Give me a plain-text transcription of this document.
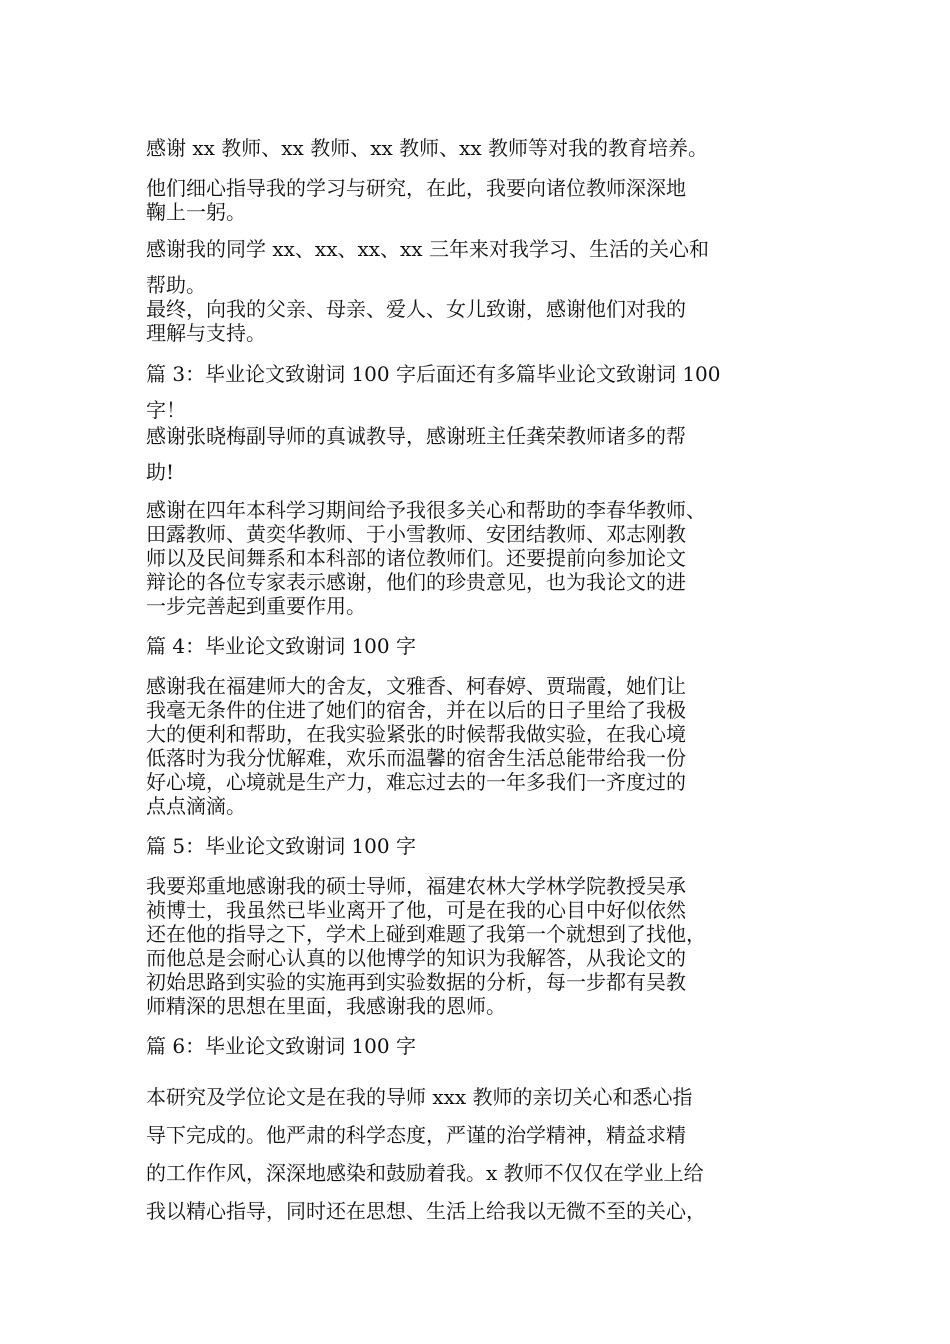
感谢 xx 教师、xx 教师、xx 教师、xx 教师等对我的教育培养。

他们细心指导我的学习与研究，在此，我要向诸位教师深深地
鞠上一躬。

感谢我的同学 xx、xx、xx、xx 三年来对我学习、生活的关心和
帮助。

最终，向我的父亲、母亲、爱人、女儿致谢，感谢他们对我的
理解与支持。

篇 3：毕业论文致谢词 100 字后面还有多篇毕业论文致谢词 100
字！

感谢张晓梅副导师的真诚教导，感谢班主任龚荣教师诸多的帮
助!

感谢在四年本科学习期间给予我很多关心和帮助的李春华教师、
田露教师、黄奕华教师、于小雪教师、安团结教师、邓志刚教
师以及民间舞系和本科部的诸位教师们。还要提前向参加论文
辩论的各位专家表示感谢，他们的珍贵意见，也为我论文的进
一步完善起到重要作用。

篇 4：毕业论文致谢词 100 字

感谢我在福建师大的舍友，文雅香、柯春婷、贾瑞霞，她们让
我毫无条件的住进了她们的宿舍，并在以后的日子里给了我极
大的便利和帮助，在我实验紧张的时候帮我做实验，在我心境
低落时为我分忧解难，欢乐而温馨的宿舍生活总能带给我一份
好心境，心境就是生产力，难忘过去的一年多我们一齐度过的
点点滴滴。

篇 5：毕业论文致谢词 100 字

我要郑重地感谢我的硕士导师，福建农林大学林学院教授吴承
祯博士，我虽然已毕业离开了他，可是在我的心目中好似依然
还在他的指导之下，学术上碰到难题了我第一个就想到了找他，
而他总是会耐心认真的以他博学的知识为我解答，从我论文的
初始思路到实验的实施再到实验数据的分析，每一步都有吴教
师精深的思想在里面，我感谢我的恩师。

篇 6：毕业论文致谢词 100 字

本研究及学位论文是在我的导师 xxx 教师的亲切关心和悉心指
导下完成的。他严肃的科学态度，严谨的治学精神，精益求精
的工作作风，深深地感染和鼓励着我。x 教师不仅仅在学业上给
我以精心指导，同时还在思想、生活上给我以无微不至的关心，
